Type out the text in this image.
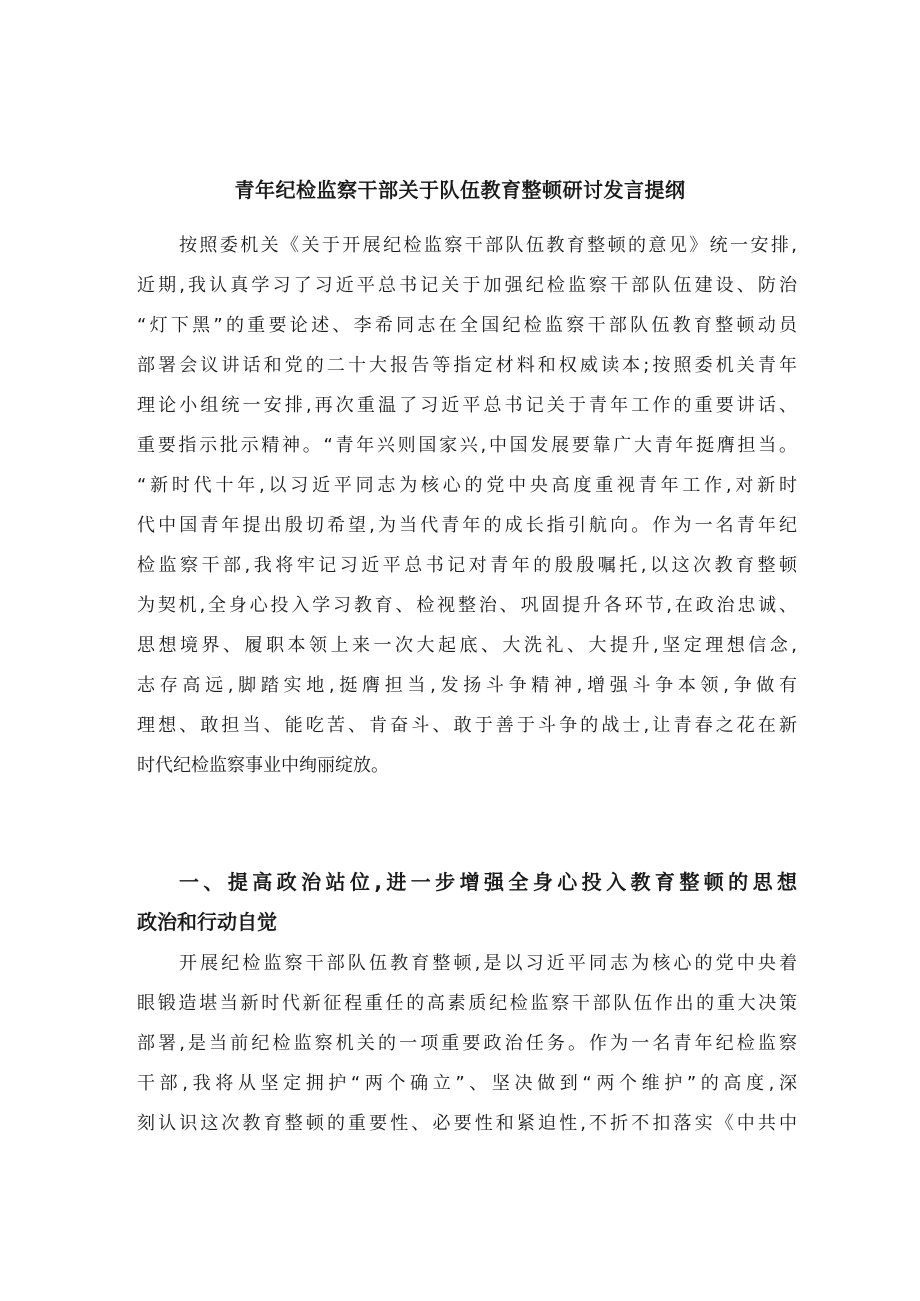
青年纪检监察干部关于队伍教育整顿研讨发言提纲
按照委机关《关于开展纪检监察干部队伍教育整顿的意见》统一安排,
近期,我认真学习了习近平总书记关于加强纪检监察干部队伍建设、防治
“灯下黑”的重要论述、李希同志在全国纪检监察干部队伍教育整顿动员
部署会议讲话和党的二十大报告等指定材料和权威读本;按照委机关青年
理论小组统一安排,再次重温了习近平总书记关于青年工作的重要讲话、
重要指示批示精神。“青年兴则国家兴,中国发展要靠广大青年挺膺担当。
“新时代十年,以习近平同志为核心的党中央高度重视青年工作,对新时
代中国青年提出殷切希望,为当代青年的成长指引航向。作为一名青年纪
检监察干部,我将牢记习近平总书记对青年的殷殷嘱托,以这次教育整顿
为契机,全身心投入学习教育、检视整治、巩固提升各环节,在政治忠诚、
思想境界、履职本领上来一次大起底、大洗礼、大提升,坚定理想信念,
志存高远,脚踏实地,挺膺担当,发扬斗争精神,增强斗争本领,争做有
理想、敢担当、能吃苦、肯奋斗、敢于善于斗争的战士,让青春之花在新
时代纪检监察事业中绚丽绽放。
一、提高政治站位,进一步增强全身心投入教育整顿的思想
政治和行动自觉
开展纪检监察干部队伍教育整顿,是以习近平同志为核心的党中央着
眼锻造堪当新时代新征程重任的高素质纪检监察干部队伍作出的重大决策
部署,是当前纪检监察机关的一项重要政治任务。作为一名青年纪检监察
干部,我将从坚定拥护“两个确立”、坚决做到“两个维护”的高度,深
刻认识这次教育整顿的重要性、必要性和紧迫性,不折不扣落实《中共中
